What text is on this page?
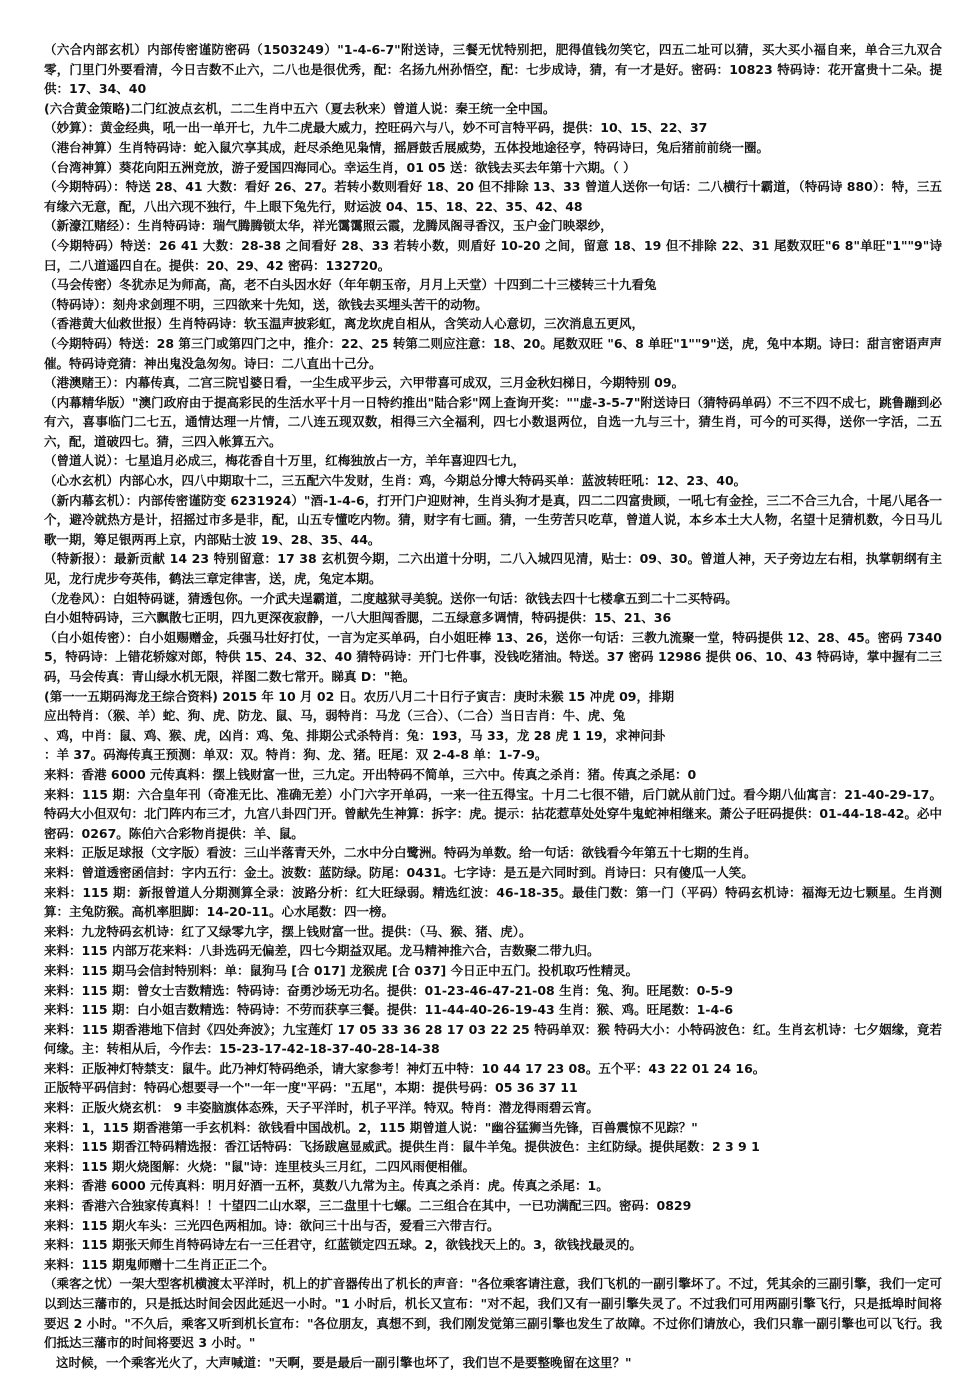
（六合内部玄机）内部传密谨防密码（1503249）"1-4-6-7"附送诗，三餐无忧特别把，肥得值钱勿笑它，四五二址可以猜，买大买小福自来，单合三九双合零，门里门外要看清，今日吉数不止六，二八也是很优秀，配：名扬九州孙悟空，配：七步成诗，猜，有一才是好。密码：10823 特码诗：花开富贵十二朵。提供：17、34、40

(六合黄金策略)二门红波点玄机，二二生肖中五六（夏去秋来）曾道人说：秦王统一全中国。

（妙算）：黄金经典，吼一出一单开七，九牛二虎最大威力，控旺码六与八，妙不可言特平码，提供：10、15、22、37

（港台神算）生肖特码诗：蛇入鼠穴享其成，赶尽杀绝见枭情，摇唇鼓舌展威势，五体投地途径亨，特码诗曰，兔后猪前前绕一圈。

（台湾神算）葵花向阳五洲竞放，游子爱国四海同心。幸运生肖，01 05 送：欲钱去买去年第十六期。（ ）

（今期特码）：特送 28、41 大数：看好 26、27。若转小数则看好 18、20 但不排除 13、33 曾道人送你一句话：二八横行十霸道，（特码诗 880）：特，三五有缘六无意，配，八出六现不独行，牛上眼下兔先行，财运波 04、15、18、22、35、42、48

（新濠江赌经）：生肖特码诗：瑞气腾腾锁太华，祥光霭霭照云霞，龙腾凤阁寻香汉，玉户金门映翠纱，

（今期特码）特送：26 41 大数：28-38 之间看好 28、33 若转小数，则盾好 10-20 之间，留意 18、19 但不排除 22、31 尾数双旺"6 8"单旺"1""9"诗曰，二八道遥四自在。提供：20、29、42 密码：132720。

（马会传密）冬犹赤足为师高，高，老不白头因水好（年年朝玉帝，月月上天堂）十四到二十三楼转三十九看兔

（特码诗）：刻舟求剑理不明，三四欲来十先知，送，欲钱去买埋头苦干的动物。

（香港黄大仙救世报）生肖特码诗：软玉温声披彩虹，离龙坎虎自相从，含笑动人心意切，三次消息五更风，

（今期特码）特送：28 第三门或第四门之中，推介：22、25 转第二则应注意：18、20。尾数双旺 "6、8 单旺"1""9"送，虎，兔中本期。诗曰：甜言密语声声催。特码诗竞猜：神出鬼没急匆匆。诗曰：二八直出十己分。

（港澳赌王）：内幕传真，二宫三院빕婆日看，一尘生成平步云，六甲带喜可成双，三月金秋妇梯日，今期特别 09。

（内幕精华版）"澳门政府由于提高彩民的生活水平十月一日特约推出"陆合彩"网上查询开奖：""虚-3-5-7"附送诗曰（猜特码单码）不三不四不成七，跳鲁蹦到必有六，喜事临门二七五，通情达理一片情，二八连五现双数，相得三六全福利，四七小数退两位，自选一九与三十，猜生肖，可今的可买得，送你一字活，二五六，配，道破四七。猜，三四入帐算五六。

（曾道人说）：七星追月必成三，梅花香自十万里，红梅独放占一方，羊年喜迎四七九，

（心水玄机）内部心水，四八中期取十二，三五配六牛发财，生肖：鸡，今期总分博大特码买单：蓝波转旺吼：12、23、40。

（新内幕玄机）：内部传密谨防变 6231924）"酒-1-4-6，打开门户迎财神，生肖头狗才是真，四二二四富贵顾，一吼七有金拴，三二不合三九合，十尾八尾各一个，避冷就热方是计，招摇过市多是非，配，山五专懂吃内物。猜，财字有七画。猜，一生劳苦只吃草，曾道人说，本乡本土大人物，名望十足猜机数，今日马儿歌一期，筹足银两再上京，内部贴士波 19、28、35、44。

（特新报）：最新贡献 14 23 特别留意：17 38 玄机贺今期，二六出道十分明，二八入城四见清，贴士：09、30。曾道人神，天子旁边左右相，执掌朝纲有主见，龙行虎步夸英伟，鹤法三章定律害，送，虎，兔定本期。

（龙卷风）：白姐特码谜，猜透包你。一介武夫逞霸道，二度越狱寻美貌。送你一句话：欲钱去四十七楼拿五到二十二买特码。

白小姐特码诗，三六飘散七正明，四九更深夜寂静，一八大胆闯香腮，二五绿意多调情，特码提供：15、21、36

（白小姐传密）：白小姐赐赠金，兵强马壮好打仗，一言为定买单码，白小姐旺棒 13、26，送你一句话：三教九流聚一堂，特码提供 12、28、45。密码 73405，特码诗：上错花轿嫁对郎，特供 15、24、32、40 猜特码诗：开门七件事，没钱吃猪油。特送。37 密码 12986 提供 06、10、43 特码诗，掌中握有二三码，马会传真：青山绿水机无限，祥图二数七常开。睇真 D："艳。

(第一一五期码海龙王综合资料) 2015 年 10 月 02 日。农历八月二十日行子寅吉：庚时未猴 15 冲虎 09，排期

应出特肖：（猴、羊）蛇、狗、虎、防龙、鼠、马，弱特肖：马龙（三合）、（二合）当日吉肖：牛、虎、兔

、鸡，中肖：鼠、鸡、猴、虎，凶肖：鸡、兔、排期公式杀特肖：兔：193，马 33，龙 28 虎 1 19，求神问卦

：羊 37。码海传真王预测：单双：双。特肖：狗、龙、猪。旺尾：双 2-4-8 单：1-7-9。

来料：香港 6000 元传真料：摆上钱财富一世，三九定。开出特码不简单，三六中。传真之杀肖：猪。传真之杀尾：0

来料：115 期：六合皇年刊（奇准无比、准确无差）小门六字开单码，一来一往五得宝。十月二七很不错，后门就从前门过。看今期八仙寓言：21-40-29-17。特码大小但双句：北门阵内布三才，九宫八卦四门开。曾献先生神算：拆字：虎。提示：拈花惹草处处穿牛鬼蛇神相继来。萧公子旺码提供：01-44-18-42。必中密码：0267。陈伯六合彩物肖提供：羊、鼠。

来料：正版足球报（文字版）看波：三山半落青天外，二水中分白鹭洲。特码为单数。给一句话：欲钱看今年第五十七期的生肖。

来料：曾道透密函信封：字内五行：金土。波数：蓝防绿。防尾：0431。七字诗：是五是六同时到。肖诗曰：只有傻瓜一人笑。

来料：115 期：新报曾道人分期测算全录：波路分析：红大旺绿弱。精选红波：46-18-35。最佳门数：第一门（平码）特码玄机诗：福海无边七颗星。生肖测算：主兔防猴。高机率胆脚：14-20-11。心水尾数：四一榜。

来料：九龙特码玄机诗：红了又绿零九字，摆上钱财富一世。提供：（马、猴、猪、虎）。

来料：115 内部万花来料：八卦选码无偏差，四七今期益双尾。龙马精神推六合，吉数聚二带九归。

来料：115 期马会信封特别料：单：鼠狗马 [合 017] 龙猴虎 [合 037] 今日正中五门。投机取巧性精灵。

来料：115 期：曾女士吉数精选：特码诗：奋勇沙场无功名。提供：01-23-46-47-21-08 生肖：兔、狗。旺尾数：0-5-9

来料：115 期：白小姐吉数精选：特码诗：不劳而获享三餐。提供：11-44-40-26-19-43 生肖：猴、鸡。旺尾数：1-4-6

来料：115 期香港地下信封《四处奔波》；九宝莲灯 17 05 33 36 28 17 03 22 25 特码单双：猴 特码大小：小特码波色：红。生肖玄机诗：七夕姻缘，竟若何缘。主：转相从后，今作去：15-23-17-42-18-37-40-28-14-38

来料：正版神灯特禁支：鼠牛。此乃神灯特码绝杀，请大家参考！神灯五中特：10 44 17 23 08。五个平：43 22 01 24 16。

正版特平码信封：特码心想要寻一个"一年一度"平码："五尾"，本期：提供号码：05 36 37 11

来料：正版火烧玄机： 9 丰姿脑旗体态殊，天子平洋时，机子平洋。特双。特肖：潜龙得雨碧云宵。

来料：1，115 期香港第一手玄机料：欲钱看中国战机。2，115 期曾道人说："幽谷猛狮当先锋，百兽震惊不见踪？"

来料：115 期香江特码精选报：香江话特码：飞扬跋扈显威武。提供生肖：鼠牛羊兔。提供波色：主红防绿。提供尾数：2 3 9 1

来料：115 期火烧图解：火烧："鼠"诗：连里枝头三月红，二四风雨便相催。

来料：香港 6000 元传真料：明月好酒一五杯，莫数八九常为主。传真之杀肖：虎。传真之杀尾：1。

来料：香港六合独家传真料！！十望四二山水翠，三二盘里十七螺。二三组合在其中，一已功满配三四。密码：0829

来料：115 期火车头：三光四色两相加。诗：欲问三十出与否，爱看三六带吉行。

来料：115 期张天师生肖特码诗左右一三任君守，红蓝锁定四五球。2，欲钱找天上的。3，欲钱找最灵的。

来料：115 期鬼师赠十二生肖正正二个。

（乘客之忧）一架大型客机横渡太平洋时，机上的扩音器传出了机长的声音："各位乘客请注意，我们飞机的一副引擎坏了。不过，凭其余的三副引擎，我们一定可以到达三藩市的，只是抵达时间会因此延迟一小时。"1 小时后，机长又宣布："对不起，我们又有一副引擎失灵了。不过我们可用两副引擎飞行，只是抵埠时间将要迟 2 小时。"不久后，乘客又听到机长宣布："各位朋友，真想不到，我们刚发觉第三副引擎也发生了故障。不过你们请放心，我们只靠一副引擎也可以飞行。我们抵达三藩市的时间将要迟 3 小时。"

这时候，一个乘客光火了，大声喊道："天啊，要是最后一副引擎也坏了，我们岂不是要整晚留在这里？"
